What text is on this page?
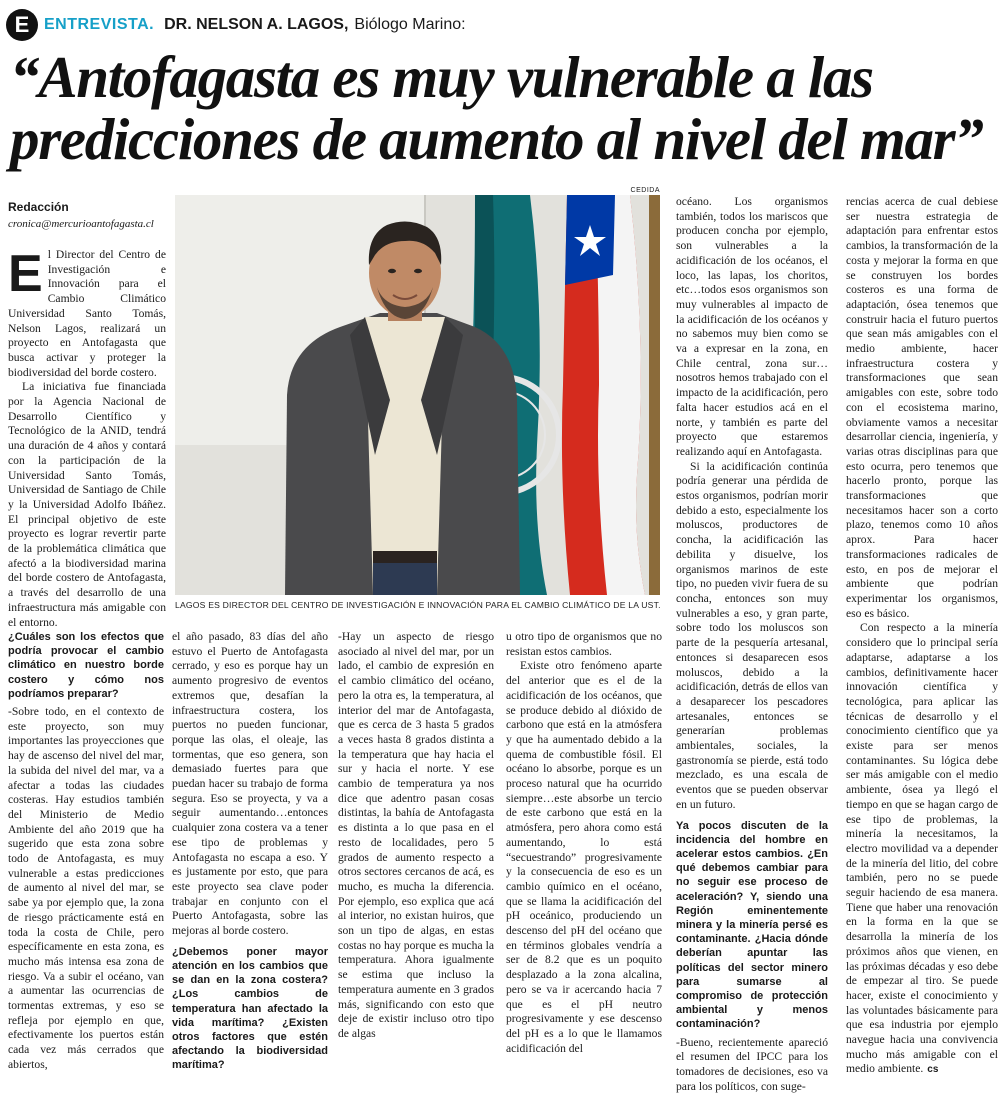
E ENTREVISTA. DR. NELSON A. LAGOS, Biólogo Marino:
“Antofagasta es muy vulnerable a las predicciones de aumento al nivel del mar”
Redacción
cronica@mercurioantofagasta.cl
CEDIDA
LAGOS ES DIRECTOR DEL CENTRO DE INVESTIGACIÓN E INNOVACIÓN PARA EL CAMBIO CLIMÁTICO DE LA UST.

El Director del Centro de Investigación e Innovación para el Cambio Climático Universidad Santo Tomás, Nelson Lagos, realizará un proyecto en Antofagasta que busca activar y proteger la biodiversidad del borde costero.

La iniciativa fue financiada por la Agencia Nacional de Desarrollo Científico y Tecnológico de la ANID, tendrá una duración de 4 años y contará con la participación de la Universidad Santo Tomás, Universidad de Santiago de Chile y la Universidad Adolfo Ibáñez. El principal objetivo de este proyecto es lograr revertir parte de la problemática climática que afectó a la biodiversidad marina del borde costero de Antofagasta, a través del desarrollo de una infraestructura más amigable con el entorno.

¿Cuáles son los efectos que podría provocar el cambio climático en nuestro borde costero y cómo nos podríamos preparar?

-Sobre todo, en el contexto de este proyecto, son muy importantes las proyecciones que hay de ascenso del nivel del mar, la subida del nivel del mar, va a afectar a todas las ciudades costeras. Hay estudios también del Ministerio de Medio Ambiente del año 2019 que ha sugerido que esta zona sobre todo de Antofagasta, es muy vulnerable a estas predicciones de aumento al nivel del mar, se sabe ya por ejemplo que, la zona de riesgo prácticamente está en toda la costa de Chile, pero específicamente en esta zona, es mucho más intensa esa zona de riesgo. Va a subir el océano, van a aumentar las ocurrencias de tormentas extremas, y eso se refleja por ejemplo en que, efectivamente los puertos están cada vez más cerrados que abiertos,

el año pasado, 83 días del año estuvo el Puerto de Antofagasta cerrado, y eso es porque hay un aumento progresivo de eventos extremos que, desafían la infraestructura costera, los puertos no pueden funcionar, porque las olas, el oleaje, las tormentas, que eso genera, son demasiado fuertes para que puedan hacer su trabajo de forma segura. Eso se proyecta, y va a seguir aumentando…entonces cualquier zona costera va a tener ese tipo de problemas y Antofagasta no escapa a eso. Y es justamente por esto, que para este proyecto sea clave poder trabajar en conjunto con el Puerto Antofagasta, sobre las mejoras al borde costero.

¿Debemos poner mayor atención en los cambios que se dan en la zona costera? ¿Los cambios de temperatura han afectado la vida marítima? ¿Existen otros factores que estén afectando la biodiversidad marítima?

-Hay un aspecto de riesgo asociado al nivel del mar, por un lado, el cambio de expresión en el cambio climático del océano, pero la otra es, la temperatura, al interior del mar de Antofagasta, que es cerca de 3 hasta 5 grados a veces hasta 8 grados distinta a la temperatura que hay hacia el sur y hacia el norte. Y ese cambio de temperatura ya nos dice que adentro pasan cosas distintas, la bahía de Antofagasta es distinta a lo que pasa en el resto de localidades, pero 5 grados de aumento respecto a otros sectores cercanos de acá, es mucho, es mucha la diferencia. Por ejemplo, eso explica que acá al interior, no existan huiros, que son un tipo de algas, en estas costas no hay porque es mucha la temperatura. Ahora igualmente se estima que incluso la temperatura aumente en 3 grados más, significando con esto que deje de existir incluso otro tipo de algas

u otro tipo de organismos que no resistan estos cambios.

Existe otro fenómeno aparte del anterior que es el de la acidificación de los océanos, que se produce debido al dióxido de carbono que está en la atmósfera y que ha aumentado debido a la quema de combustible fósil. El océano lo absorbe, porque es un proceso natural que ha ocurrido siempre…este absorbe un tercio de este carbono que está en la atmósfera, pero ahora como está aumentando, lo está “secuestrando” progresivamente y la consecuencia de eso es un cambio químico en el océano, que se llama la acidificación del pH oceánico, produciendo un descenso del pH del océano que en términos globales vendría a ser de 8.2 que es un poquito desplazado a la zona alcalina, pero se va ir acercando hacia 7 que es el pH neutro progresivamente y ese descenso del pH es a lo que le llamamos acidificación del

océano. Los organismos también, todos los mariscos que producen concha por ejemplo, son vulnerables a la acidificación de los océanos, el loco, las lapas, los choritos, etc…todos esos organismos son muy vulnerables al impacto de la acidificación de los océanos y no sabemos muy bien como se va a expresar en la zona, en Chile central, zona sur…nosotros hemos trabajado con el impacto de la acidificación, pero falta hacer estudios acá en el norte, y también es parte del proyecto que estaremos realizando aquí en Antofagasta.

Si la acidificación continúa podría generar una pérdida de estos organismos, podrían morir debido a esto, especialmente los moluscos, productores de concha, la acidificación las debilita y disuelve, los organismos marinos de este tipo, no pueden vivir fuera de su concha, entonces son muy vulnerables a eso, y gran parte, sobre todo los moluscos son parte de la pesquería artesanal, entonces si desaparecen esos moluscos, debido a la acidificación, detrás de ellos van a desaparecer los pescadores artesanales, entonces se generarían problemas ambientales, sociales, la gastronomía se pierde, está todo mezclado, es una escala de eventos que se pueden observar en un futuro.

Ya pocos discuten de la incidencia del hombre en acelerar estos cambios. ¿En qué debemos cambiar para no seguir ese proceso de aceleración? Y, siendo una Región eminentemente minera y la minería persé es contaminante. ¿Hacia dónde deberían apuntar las políticas del sector minero para sumarse al compromiso de protección ambiental y menos contaminación?

-Bueno, recientemente apareció el resumen del IPCC para los tomadores de decisiones, eso va para los políticos, con suge-

rencias acerca de cual debiese ser nuestra estrategia de adaptación para enfrentar estos cambios, la transformación de la costa y mejorar la forma en que se construyen los bordes costeros es una forma de adaptación, ósea tenemos que construir hacia el futuro puertos que sean más amigables con el medio ambiente, hacer infraestructura costera y transformaciones que sean amigables con este, sobre todo con el ecosistema marino, obviamente vamos a necesitar desarrollar ciencia, ingeniería, y varias otras disciplinas para que esto ocurra, pero tenemos que hacerlo pronto, porque las transformaciones que necesitamos hacer son a corto plazo, tenemos como 10 años aprox. Para hacer transformaciones radicales de esto, en pos de mejorar el ambiente que podrían experimentar los organismos, eso es básico.

Con respecto a la minería considero que lo principal sería adaptarse, adaptarse a los cambios, definitivamente hacer innovación científica y tecnológica, para aplicar las técnicas de desarrollo y el conocimiento científico que ya existe para ser menos contaminantes. Su lógica debe ser más amigable con el medio ambiente, ósea ya llegó el tiempo en que se hagan cargo de ese tipo de problemas, la minería la necesitamos, la electro movilidad va a depender de la minería del litio, del cobre también, pero no se puede seguir haciendo de esa manera. Tiene que haber una renovación en la forma en la que se desarrolla la minería de los próximos años que vienen, en las próximas décadas y eso debe de empezar al tiro. Se puede hacer, existe el conocimiento y las voluntades básicamente para que esa industria por ejemplo navegue hacia una convivencia mucho más amigable con el medio ambiente. cs
